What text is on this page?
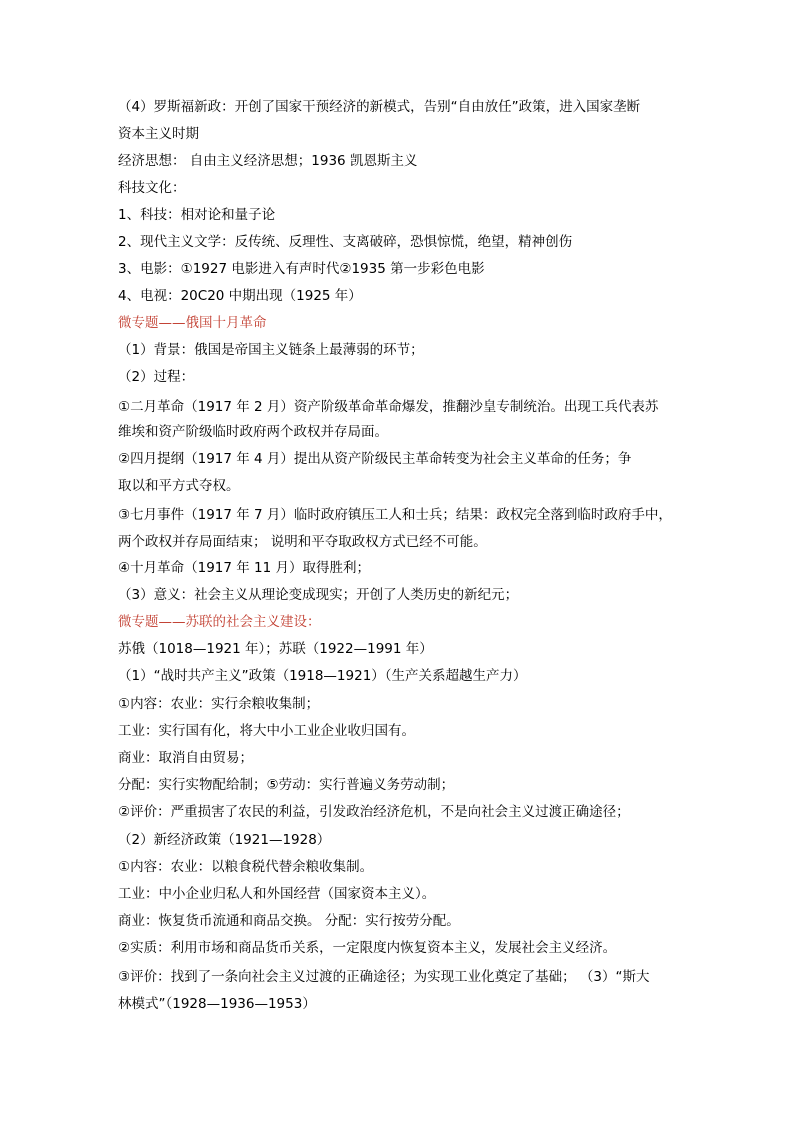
（4）罗斯福新政：开创了国家干预经济的新模式，告别“自由放任”政策，进入国家垄断
资本主义时期
经济思想： 自由主义经济思想；1936 凯恩斯主义
科技文化：
1、科技：相对论和量子论
2、现代主义文学：反传统、反理性、支离破碎，恐惧惊慌，绝望，精神创伤
3、电影：①1927 电影进入有声时代②1935 第一步彩色电影
4、电视：20C20 中期出现（1925 年）
微专题——俄国十月革命
（1）背景：俄国是帝国主义链条上最薄弱的环节；
（2）过程：
①二月革命（1917 年 2 月）资产阶级革命革命爆发，推翻沙皇专制统治。出现工兵代表苏
维埃和资产阶级临时政府两个政权并存局面。
②四月提纲（1917 年 4 月）提出从资产阶级民主革命转变为社会主义革命的任务；争
取以和平方式夺权。
③七月事件（1917 年 7 月）临时政府镇压工人和士兵；结果：政权完全落到临时政府手中，
两个政权并存局面结束； 说明和平夺取政权方式已经不可能。
④十月革命（1917 年 11 月）取得胜利；
（3）意义：社会主义从理论变成现实；开创了人类历史的新纪元；
微专题——苏联的社会主义建设：
苏俄（1018—1921 年）；苏联（1922—1991 年）
（1）“战时共产主义”政策（1918—1921）（生产关系超越生产力）
①内容：农业：实行余粮收集制；
工业：实行国有化，将大中小工业企业收归国有。
商业：取消自由贸易；
分配：实行实物配给制；⑤劳动：实行普遍义务劳动制；
②评价：严重损害了农民的利益，引发政治经济危机，不是向社会主义过渡正确途径；
（2）新经济政策（1921—1928）
①内容：农业：以粮食税代替余粮收集制。
工业：中小企业归私人和外国经营（国家资本主义）。
商业：恢复货币流通和商品交换。 分配：实行按劳分配。
②实质：利用市场和商品货币关系，一定限度内恢复资本主义，发展社会主义经济。
③评价：找到了一条向社会主义过渡的正确途径；为实现工业化奠定了基础； （3）“斯大
林模式”（1928—1936—1953）
